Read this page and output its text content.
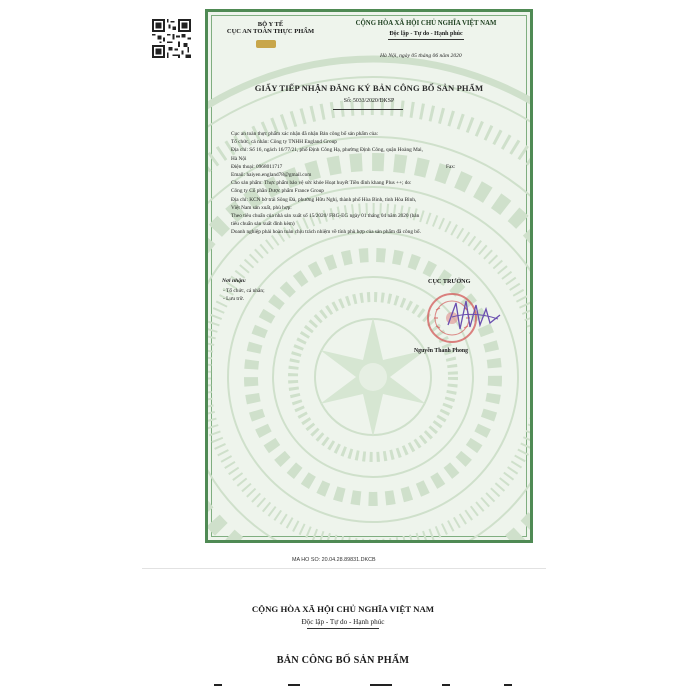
BỘ Y TẾ
CỤC AN TOÀN THỰC PHẨM
CỘNG HÒA XÃ HỘI CHỦ NGHĨA VIỆT NAM
Độc lập - Tự do - Hạnh phúc
Hà Nội, ngày 05 tháng 06 năm 2020
GIẤY TIẾP NHẬN ĐĂNG KÝ BẢN CÔNG BỐ SẢN PHẨM
Số: 5033/2020/ĐKSP
Cục an toàn thực phẩm xác nhận đã nhận Bản công bố sản phẩm của:
Tổ chức, cá nhân: Công ty TNHH England Group
Địa chỉ: Số 16, ngách 16/77/21, phố Định Công Hạ, phường Định Công, quận Hoàng Mai,
Hà Nội
Điện thoại: 0968011717	Fax:
Email: haiyen.england78@gmail.com
Cho sản phẩm: Thực phẩm bảo vệ sức khỏe Hoạt huyết Tiền đình khang Plus ++; do:
Công ty Cổ phần Dược phẩm France Group
Địa chỉ: KCN bờ trái Sông Đà, phường Hữu Nghị, thành phố Hòa Bình, tỉnh Hòa Bình,
Việt Nam sản xuất, phù hợp:
Theo tiêu chuẩn của nhà sản xuất số 15/2020/ FRG-EG ngày 01 tháng 04 năm 2020 (bản
tiêu chuẩn sản xuất đính kèm)
Doanh nghiệp phải hoàn toàn chịu trách nhiệm về tính phù hợp của sản phẩm đã công bố.
Nơi nhận:
- Tổ chức, cá nhân;
- Lưu trữ.
CỤC TRƯỞNG
Nguyễn Thanh Phong
MA HO SO: 20.04.28.89831.DKCB
CỘNG HÒA XÃ HỘI CHỦ NGHĨA VIỆT NAM
Độc lập - Tự do - Hạnh phúc
BẢN CÔNG BỐ SẢN PHẨM
